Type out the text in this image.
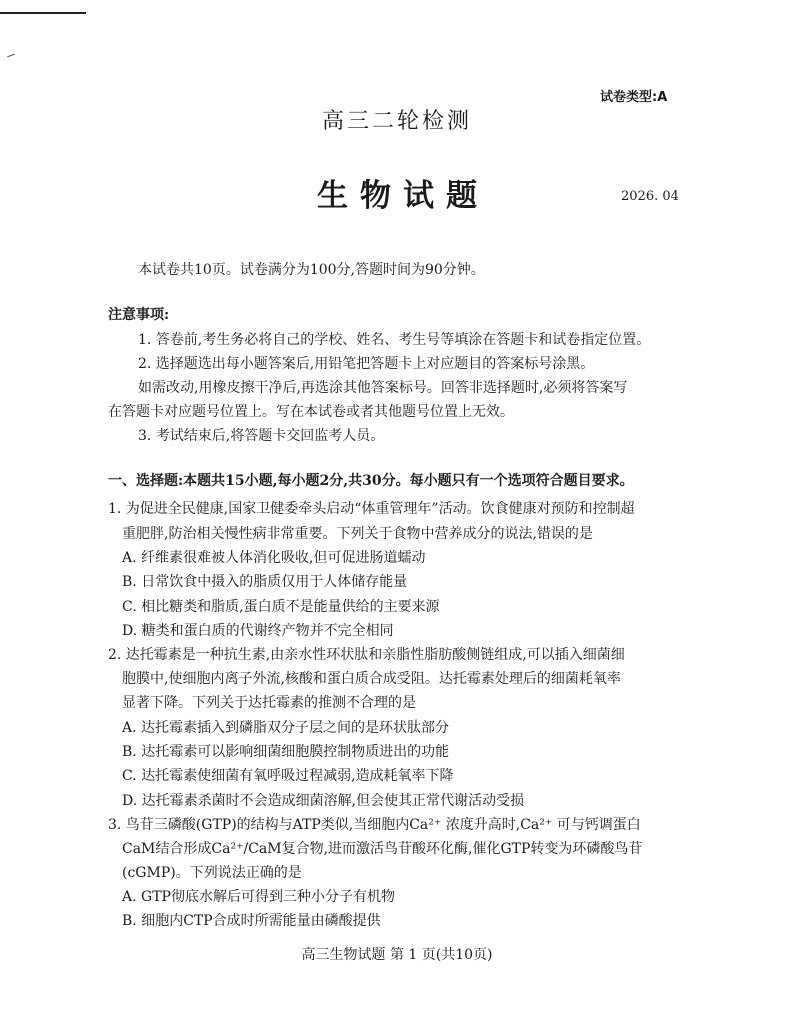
试卷类型:A
高三二轮检测
生物试题	2026. 04
本试卷共10页。试卷满分为100分,答题时间为90分钟。
注意事项:
1. 答卷前,考生务必将自己的学校、姓名、考生号等填涂在答题卡和试卷指定位置。
2. 选择题选出每小题答案后,用铅笔把答题卡上对应题目的答案标号涂黑。
如需改动,用橡皮擦干净后,再选涂其他答案标号。回答非选择题时,必须将答案写
在答题卡对应题号位置上。写在本试卷或者其他题号位置上无效。
3. 考试结束后,将答题卡交回监考人员。
一、选择题:本题共15小题,每小题2分,共30分。每小题只有一个选项符合题目要求。
1. 为促进全民健康,国家卫健委牵头启动“体重管理年”活动。饮食健康对预防和控制超
重肥胖,防治相关慢性病非常重要。下列关于食物中营养成分的说法,错误的是
A. 纤维素很难被人体消化吸收,但可促进肠道蠕动
B. 日常饮食中摄入的脂质仅用于人体储存能量
C. 相比糖类和脂质,蛋白质不是能量供给的主要来源
D. 糖类和蛋白质的代谢终产物并不完全相同
2. 达托霉素是一种抗生素,由亲水性环状肽和亲脂性脂肪酸侧链组成,可以插入细菌细
胞膜中,使细胞内离子外流,核酸和蛋白质合成受阻。达托霉素处理后的细菌耗氧率
显著下降。下列关于达托霉素的推测不合理的是
A. 达托霉素插入到磷脂双分子层之间的是环状肽部分
B. 达托霉素可以影响细菌细胞膜控制物质进出的功能
C. 达托霉素使细菌有氧呼吸过程减弱,造成耗氧率下降
D. 达托霉素杀菌时不会造成细菌溶解,但会使其正常代谢活动受损
3. 鸟苷三磷酸(GTP)的结构与ATP类似,当细胞内Ca²⁺ 浓度升高时,Ca²⁺ 可与钙调蛋白
CaM结合形成Ca²⁺/CaM复合物,进而激活鸟苷酸环化酶,催化GTP转变为环磷酸鸟苷
(cGMP)。下列说法正确的是
A. GTP彻底水解后可得到三种小分子有机物
B. 细胞内CTP合成时所需能量由磷酸提供
高三生物试题 第 1 页(共10页)
